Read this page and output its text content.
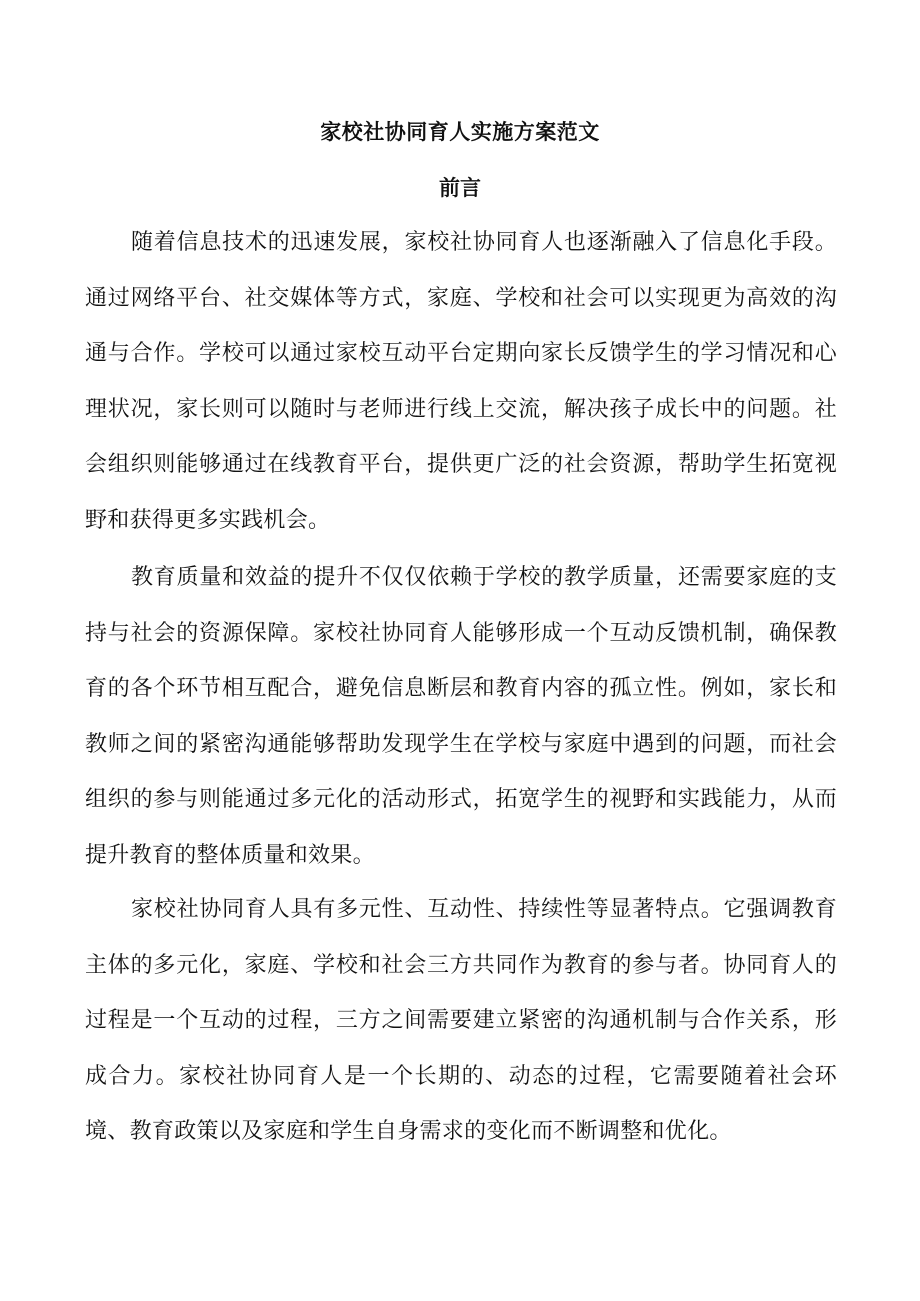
家校社协同育人实施方案范文
前言

随着信息技术的迅速发展，家校社协同育人也逐渐融入了信息化手段。通过网络平台、社交媒体等方式，家庭、学校和社会可以实现更为高效的沟通与合作。学校可以通过家校互动平台定期向家长反馈学生的学习情况和心理状况，家长则可以随时与老师进行线上交流，解决孩子成长中的问题。社会组织则能够通过在线教育平台，提供更广泛的社会资源，帮助学生拓宽视野和获得更多实践机会。

教育质量和效益的提升不仅仅依赖于学校的教学质量，还需要家庭的支持与社会的资源保障。家校社协同育人能够形成一个互动反馈机制，确保教育的各个环节相互配合，避免信息断层和教育内容的孤立性。例如，家长和教师之间的紧密沟通能够帮助发现学生在学校与家庭中遇到的问题，而社会组织的参与则能通过多元化的活动形式，拓宽学生的视野和实践能力，从而提升教育的整体质量和效果。

家校社协同育人具有多元性、互动性、持续性等显著特点。它强调教育主体的多元化，家庭、学校和社会三方共同作为教育的参与者。协同育人的过程是一个互动的过程，三方之间需要建立紧密的沟通机制与合作关系，形成合力。家校社协同育人是一个长期的、动态的过程，它需要随着社会环境、教育政策以及家庭和学生自身需求的变化而不断调整和优化。
